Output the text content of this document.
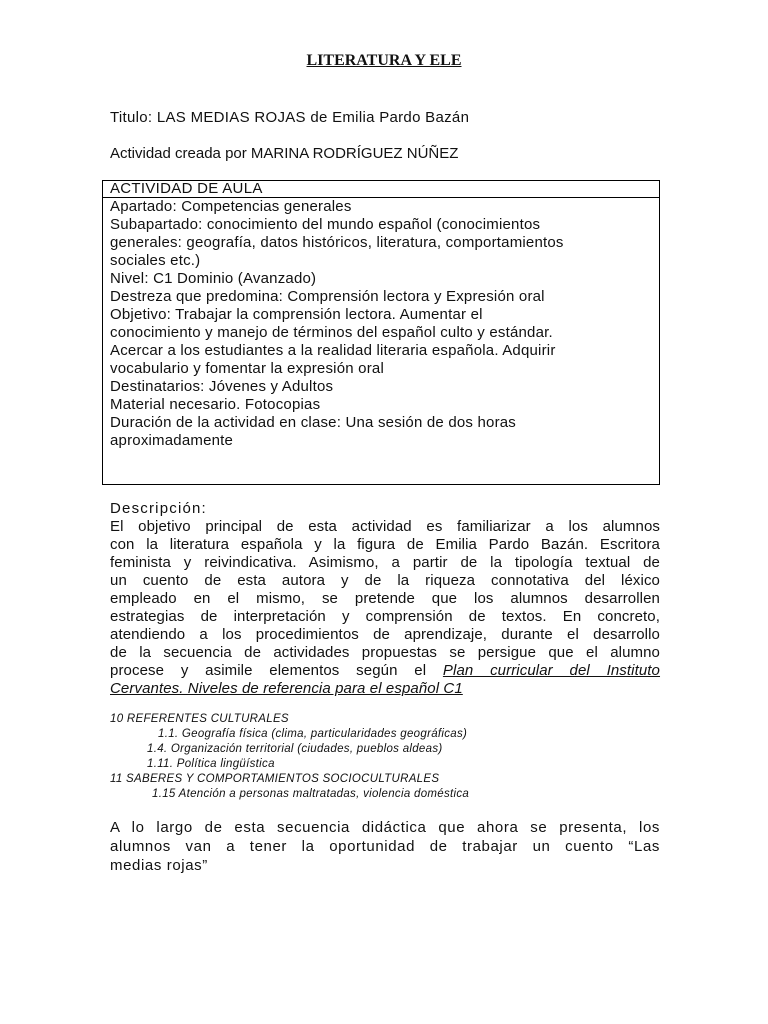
LITERATURA Y ELE
Titulo: LAS MEDIAS ROJAS de Emilia Pardo Bazán
Actividad creada por MARINA RODRÍGUEZ NÚÑEZ
ACTIVIDAD DE AULA
Apartado: Competencias generales
Subapartado: conocimiento del mundo español (conocimientos
generales: geografía, datos históricos, literatura, comportamientos
sociales etc.)
Nivel: C1 Dominio (Avanzado)
Destreza que predomina: Comprensión lectora y Expresión oral
Objetivo: Trabajar la comprensión lectora. Aumentar el
conocimiento y manejo de términos del español culto y estándar.
Acercar a los estudiantes a la realidad literaria española. Adquirir
vocabulario y fomentar la expresión oral
Destinatarios: Jóvenes y Adultos
Material necesario. Fotocopias
Duración de la actividad en clase: Una sesión de dos horas
aproximadamente
Descripción:
El objetivo principal de esta actividad es familiarizar a los alumnos
con la literatura española y la figura de Emilia Pardo Bazán. Escritora
feminista y reivindicativa. Asimismo, a partir de la tipología textual de
un cuento de esta autora y de la riqueza connotativa del léxico
empleado en el mismo, se pretende que los alumnos desarrollen
estrategias de interpretación y comprensión de textos. En concreto,
atendiendo a los procedimientos de aprendizaje, durante el desarrollo
de la secuencia de actividades propuestas se persigue que el alumno
procese y asimile elementos según el Plan curricular del Instituto
Cervantes. Niveles de referencia para el español C1
10 REFERENTES CULTURALES
1.1. Geografía física (clima, particularidades geográficas)
1.4. Organización territorial (ciudades, pueblos aldeas)
1.11. Política lingüística
11 SABERES Y COMPORTAMIENTOS SOCIOCULTURALES
1.15 Atención a personas maltratadas, violencia doméstica
A lo largo de esta secuencia didáctica que ahora se presenta, los
alumnos van a tener la oportunidad de trabajar un cuento “Las
medias rojas”
